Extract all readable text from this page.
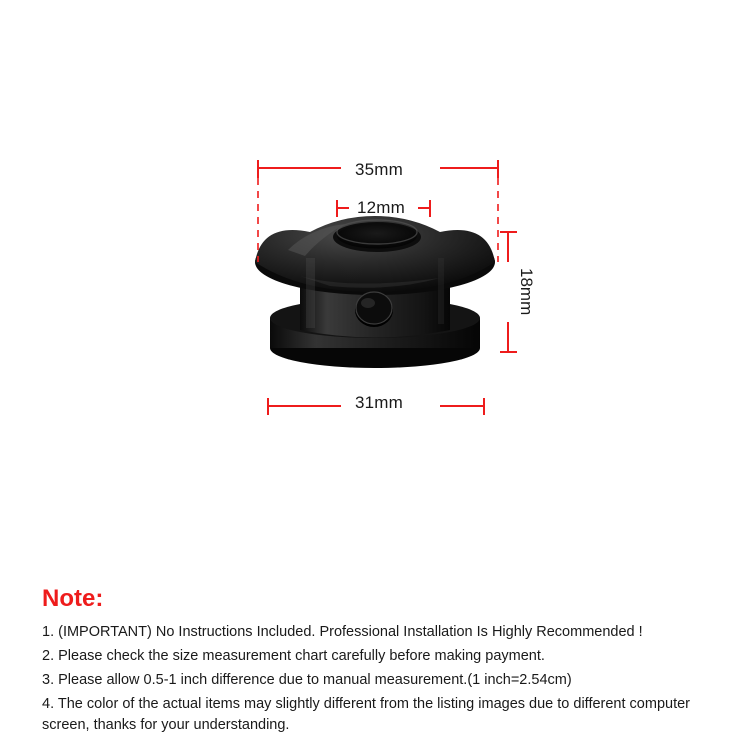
35mm
12mm
18mm
31mm
Note:
1. (IMPORTANT) No Instructions Included. Professional Installation Is Highly Recommended !
2. Please check the size measurement chart carefully before making payment.
3. Please allow 0.5-1 inch difference due to manual measurement.(1 inch=2.54cm)
4. The color of the actual items may slightly different from the listing images due to different computer screen, thanks for your understanding.
